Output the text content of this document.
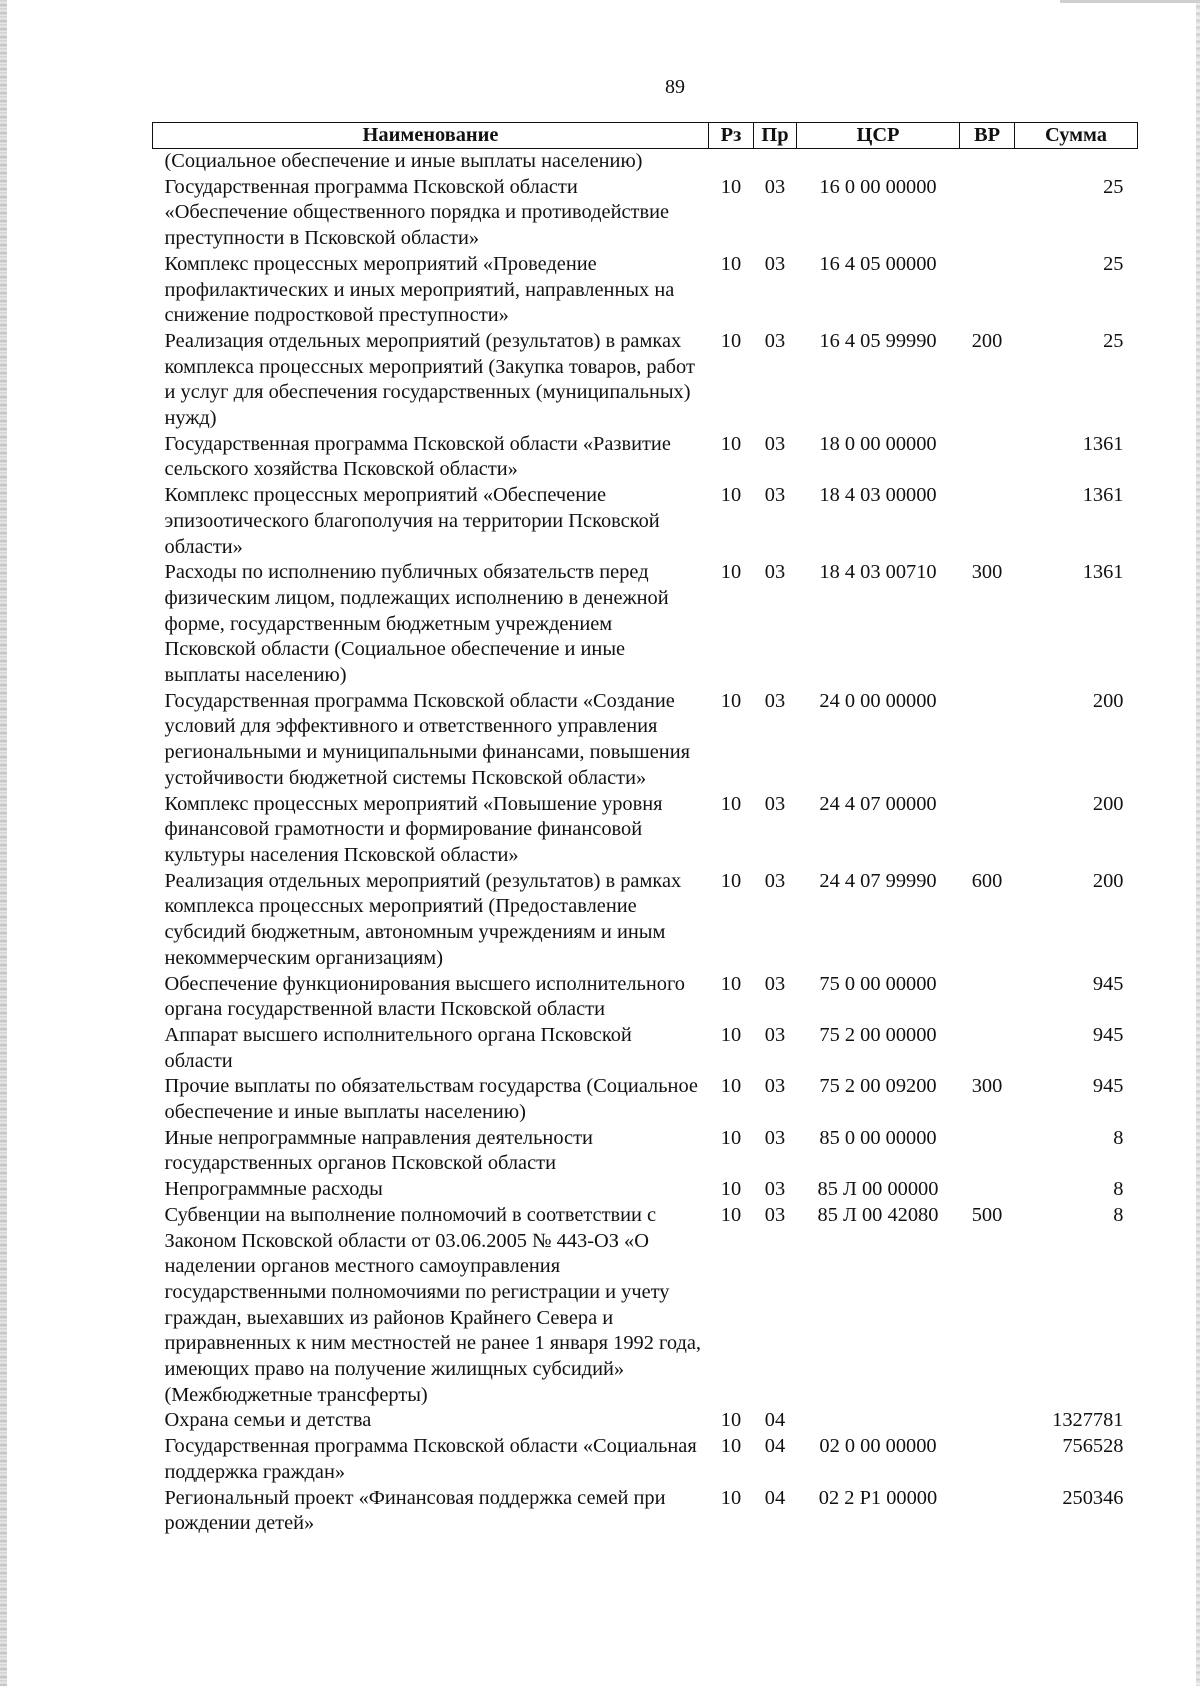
89
Наименование	Рз	Пр	ЦСР	ВР	Сумма
(Социальное обеспечение и иные выплаты населению)					
Государственная программа Псковской области «Обеспечение общественного порядка и противодействие преступности в Псковской области»	10	03	16 0 00 00000		25
Комплекс процессных мероприятий «Проведение профилактических и иных мероприятий, направленных на снижение подростковой преступности»	10	03	16 4 05 00000		25
Реализация отдельных мероприятий (результатов) в рамках комплекса процессных мероприятий (Закупка товаров, работ и услуг для обеспечения государственных (муниципальных) нужд)	10	03	16 4 05 99990	200	25
Государственная программа Псковской области «Развитие сельского хозяйства Псковской области»	10	03	18 0 00 00000		1361
Комплекс процессных мероприятий «Обеспечение эпизоотического благополучия на территории Псковской области»	10	03	18 4 03 00000		1361
Расходы по исполнению публичных обязательств перед физическим лицом, подлежащих исполнению в денежной форме, государственным бюджетным учреждением Псковской области (Социальное обеспечение и иные выплаты населению)	10	03	18 4 03 00710	300	1361
Государственная программа Псковской области «Создание условий для эффективного и ответственного управления региональными и муниципальными финансами, повышения устойчивости бюджетной системы Псковской области»	10	03	24 0 00 00000		200
Комплекс процессных мероприятий «Повышение уровня финансовой грамотности и формирование финансовой культуры населения Псковской области»	10	03	24 4 07 00000		200
Реализация отдельных мероприятий (результатов) в рамках комплекса процессных мероприятий (Предоставление субсидий бюджетным, автономным учреждениям и иным некоммерческим организациям)	10	03	24 4 07 99990	600	200
Обеспечение функционирования высшего исполнительного органа государственной власти Псковской области	10	03	75 0 00 00000		945
Аппарат высшего исполнительного органа Псковской области	10	03	75 2 00 00000		945
Прочие выплаты по обязательствам государства (Социальное обеспечение и иные выплаты населению)	10	03	75 2 00 09200	300	945
Иные непрограммные направления деятельности государственных органов Псковской области	10	03	85 0 00 00000		8
Непрограммные расходы	10	03	85 Л 00 00000		8
Субвенции на выполнение полномочий в соответствии с Законом Псковской области от 03.06.2005 № 443-ОЗ «О наделении органов местного самоуправления государственными полномочиями по регистрации и учету граждан, выехавших из районов Крайнего Севера и приравненных к ним местностей не ранее 1 января 1992 года, имеющих право на получение жилищных субсидий» (Межбюджетные трансферты)	10	03	85 Л 00 42080	500	8
Охрана семьи и детства	10	04			1327781
Государственная программа Псковской области «Социальная поддержка граждан»	10	04	02 0 00 00000		756528
Региональный проект «Финансовая поддержка семей при рождении детей»	10	04	02 2 Р1 00000		250346
